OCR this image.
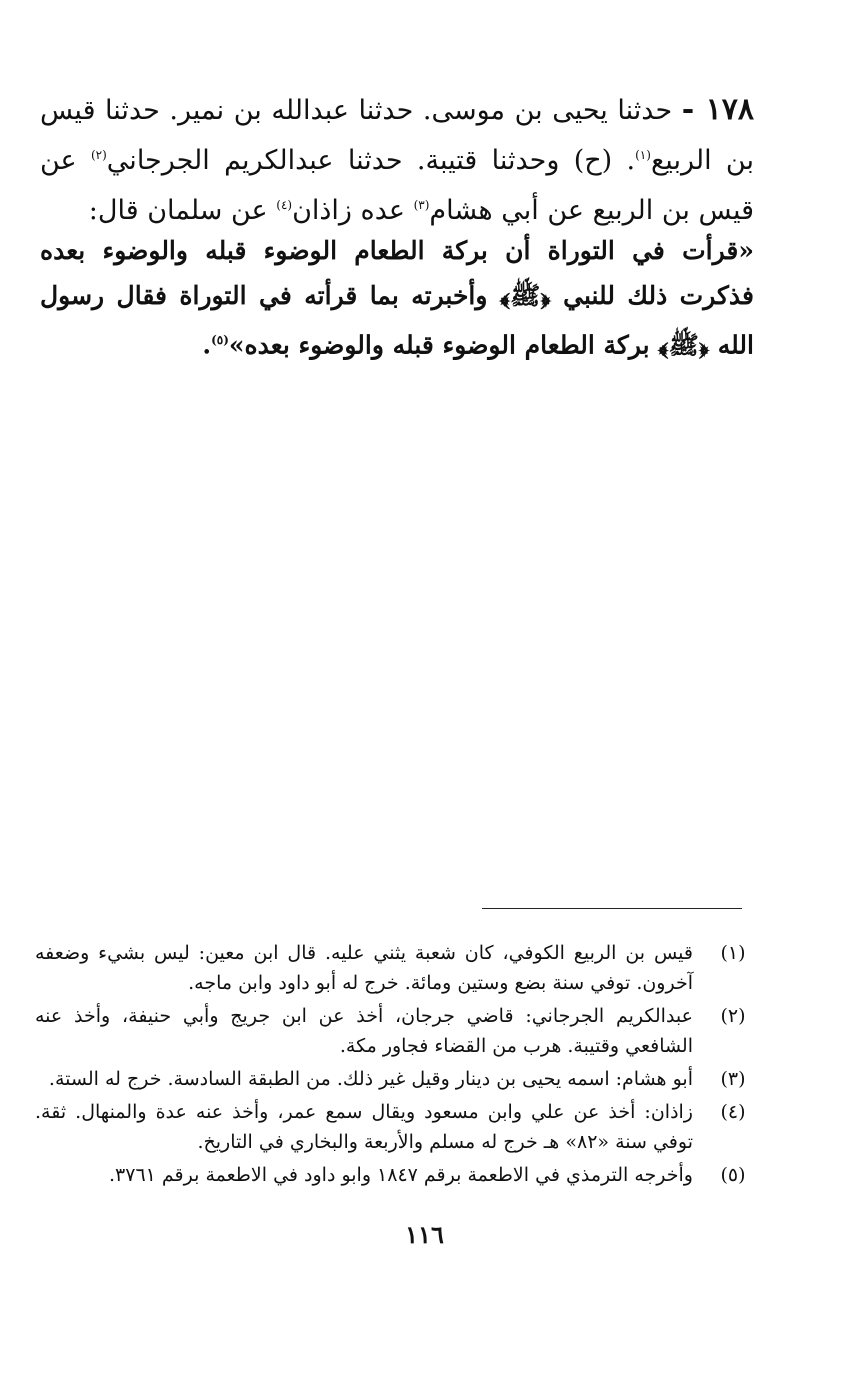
١٧٨ - حدثنا يحيى بن موسى. حدثنا عبدالله بن نمير. حدثنا قيس بن الربيع$^{(١)}$. (ح) وحدثنا قتيبة. حدثنا عبدالكريم الجرجاني$^{(٢)}$ عن قيس بن الربيع عن أبي هشام$^{(٣)}$ عده زاذان$^{(٤)}$ عن سلمان قال:
«قرأت في التوراة أن بركة الطعام الوضوء قبله والوضوء بعده فذكرت ذلك للنبي ﴿ﷺ﴾ وأخبرته بما قرأته في التوراة فقال رسول الله ﴿ﷺ﴾ بركة الطعام الوضوء قبله والوضوء بعده»$^{(٥)}$.
(١)
قيس بن الربيع الكوفي، كان شعبة يثني عليه. قال ابن معين: ليس بشيء وضعفه آخرون. توفي سنة بضع وستين ومائة. خرج له أبو داود وابن ماجه.
(٢)
عبدالكريم الجرجاني: قاضي جرجان، أخذ عن ابن جريج وأبي حنيفة، وأخذ عنه الشافعي وقتيبة. هرب من القضاء فجاور مكة.
(٣)
أبو هشام: اسمه يحيى بن دينار وقيل غير ذلك. من الطبقة السادسة. خرج له الستة.
(٤)
زاذان: أخذ عن علي وابن مسعود ويقال سمع عمر، وأخذ عنه عدة والمنهال. ثقة. توفي سنة «٨٢» هـ خرج له مسلم والأربعة والبخاري في التاريخ.
(٥)
وأخرجه الترمذي في الاطعمة برقم ١٨٤٧ وابو داود في الاطعمة برقم ٣٧٦١.
١١٦
